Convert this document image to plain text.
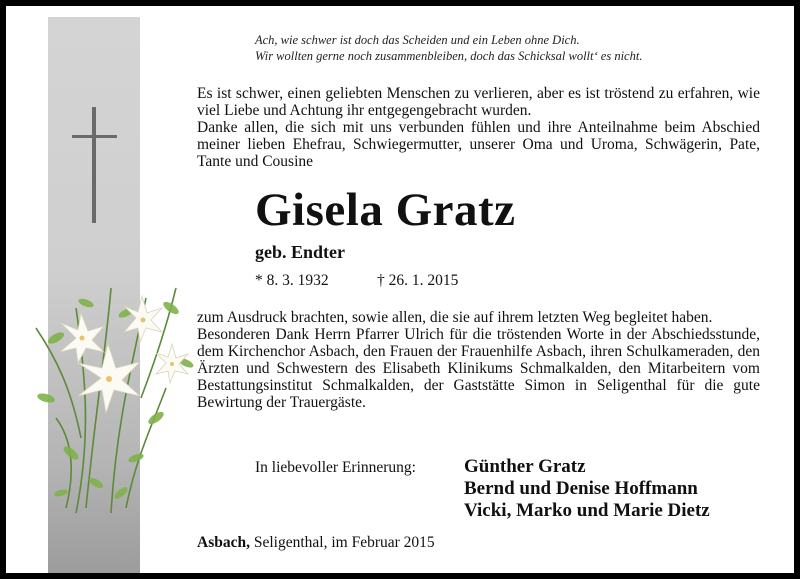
Ach, wie schwer ist doch das Scheiden und ein Leben ohne Dich.
Wir wollten gerne noch zusammenbleiben, doch das Schicksal wollt‘ es nicht.
Es ist schwer, einen geliebten Menschen zu verlieren, aber es ist tröstend zu erfahren, wie viel Liebe und Achtung ihr entgegengebracht wurden.
Danke allen, die sich mit uns verbunden fühlen und ihre Anteilnahme beim Abschied meiner lieben Ehefrau, Schwiegermutter, unserer Oma und Uroma, Schwägerin, Pate, Tante und Cousine
Gisela Gratz
geb. Endter
* 8. 3. 1932	† 26. 1. 2015
zum Ausdruck brachten, sowie allen, die sie auf ihrem letzten Weg begleitet haben.
Besonderen Dank Herrn Pfarrer Ulrich für die tröstenden Worte in der Abschiedsstunde, dem Kirchenchor Asbach, den Frauen der Frauenhilfe Asbach, ihren Schulkameraden, den Ärzten und Schwestern des Elisabeth Klinikums Schmalkalden, den Mitarbeitern vom Bestattungsinstitut Schmalkalden, der Gaststätte Simon in Seligenthal für die gute Bewirtung der Trauergäste.
In liebevoller Erinnerung:	Günther Gratz
Bernd und Denise Hoffmann
Vicki, Marko und Marie Dietz
Asbach, Seligenthal, im Februar 2015
